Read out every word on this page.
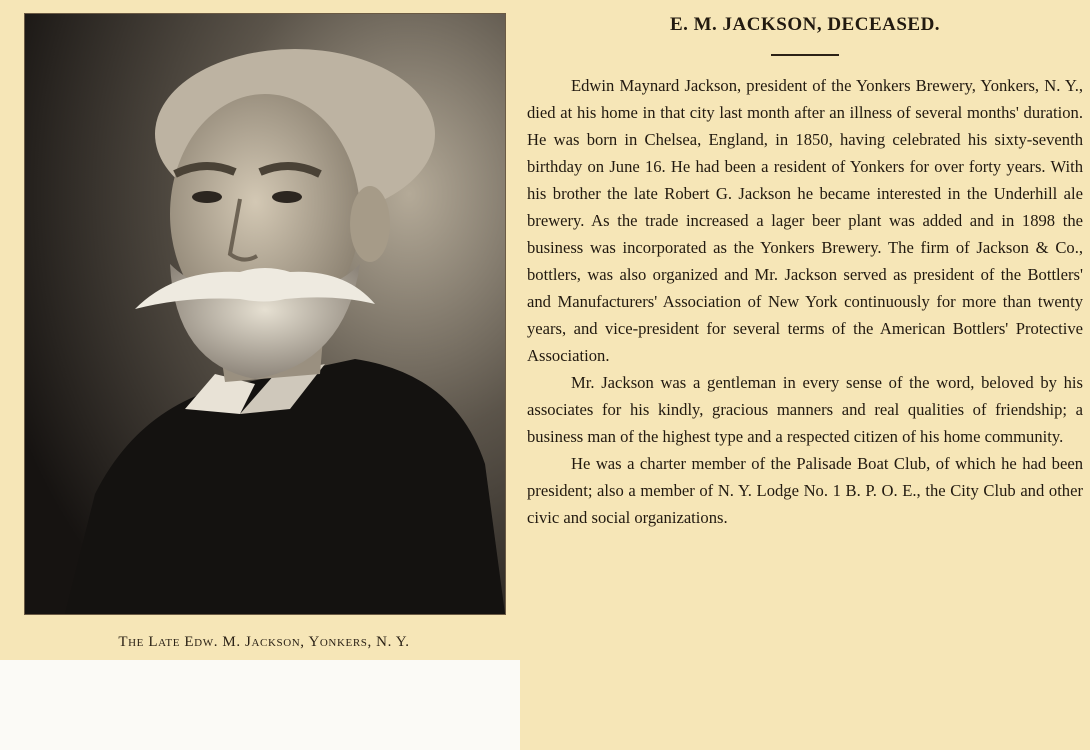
The Late Edw. M. Jackson, Yonkers, N. Y.
E. M. JACKSON, DECEASED.

Edwin Maynard Jackson, president of the Yonkers Brewery, Yonkers, N. Y., died at his home in that city last month after an illness of several months' duration. He was born in Chelsea, England, in 1850, having celebrated his sixty-seventh birthday on June 16. He had been a resident of Yonkers for over forty years. With his brother the late Robert G. Jackson he became interested in the Underhill ale brewery. As the trade increased a lager beer plant was added and in 1898 the business was incorporated as the Yonkers Brewery. The firm of Jackson & Co., bottlers, was also organized and Mr. Jackson served as president of the Bottlers' and Manufacturers' Association of New York continuously for more than twenty years, and vice-president for several terms of the American Bottlers' Protective Association.

Mr. Jackson was a gentleman in every sense of the word, beloved by his associates for his kindly, gracious manners and real qualities of friendship; a business man of the highest type and a respected citizen of his home community.

He was a charter member of the Palisade Boat Club, of which he had been president; also a member of N. Y. Lodge No. 1 B. P. O. E., the City Club and other civic and social organizations.
